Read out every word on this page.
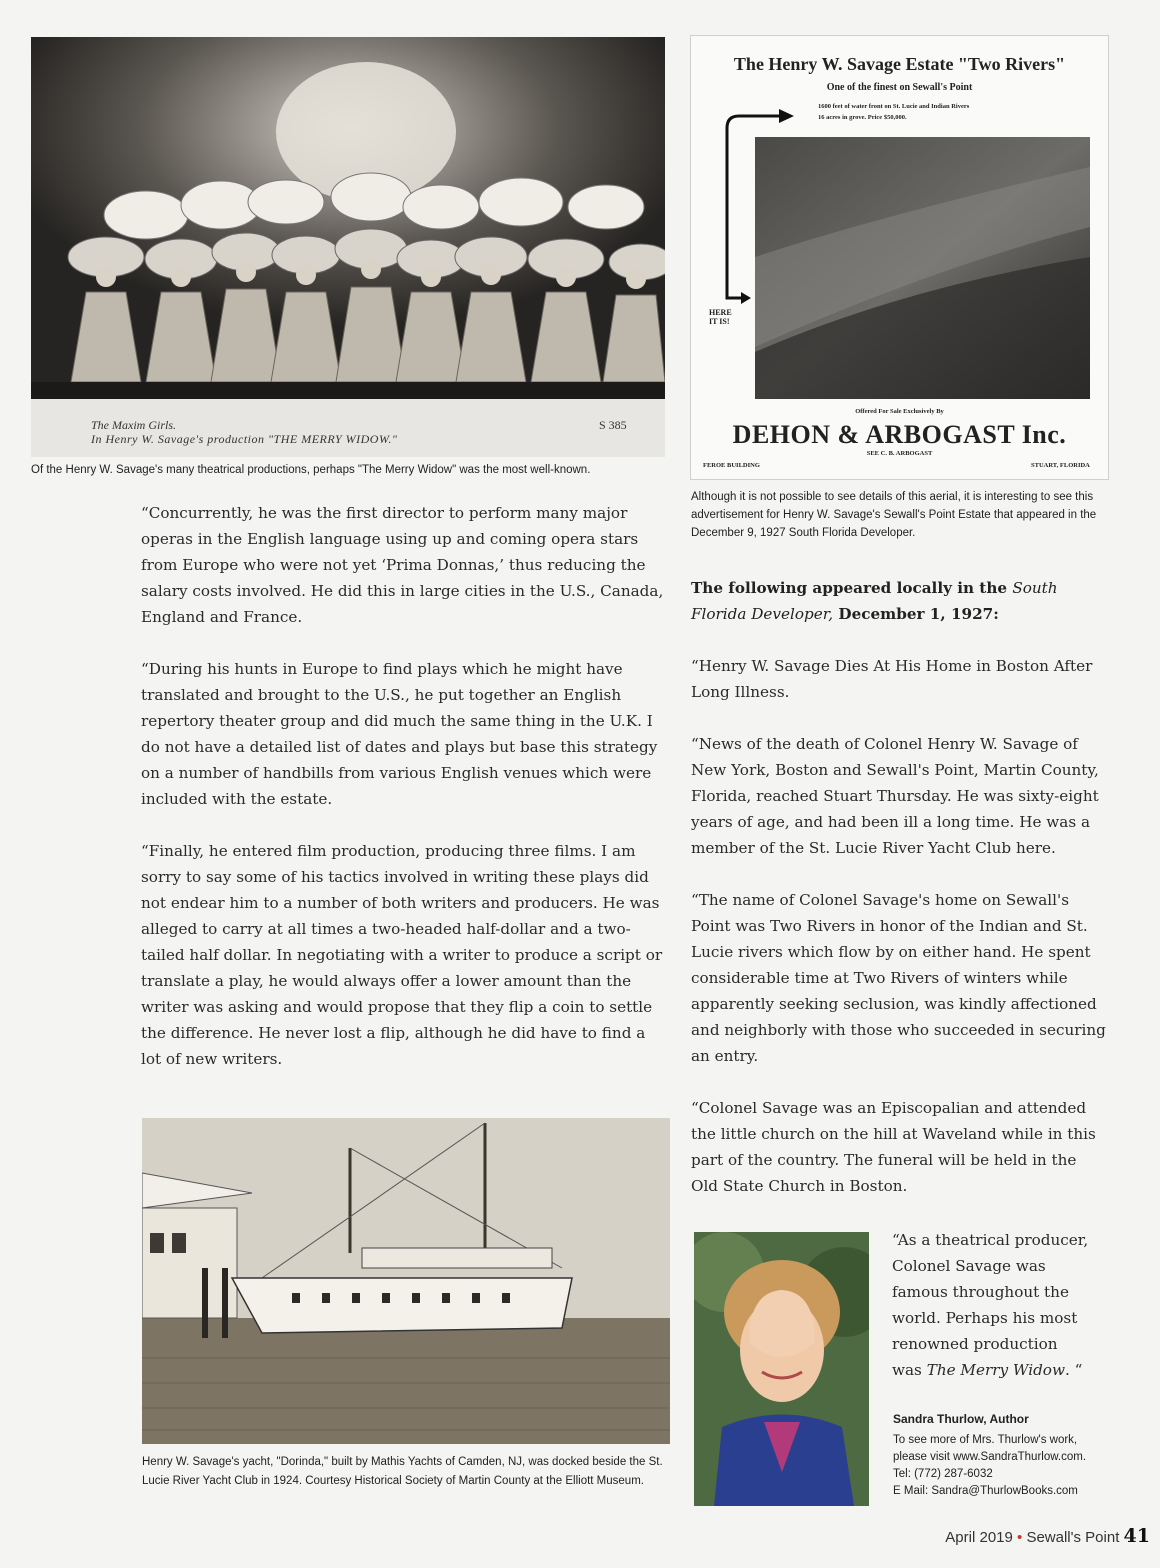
The Maxim Girls.
In Henry W. Savage's production "THE MERRY WIDOW."
S 385
Of the Henry W. Savage's many theatrical productions, perhaps "The Merry Widow" was the most well-known.
The Henry W. Savage Estate "Two Rivers"
One of the finest on Sewall's Point
1600 feet of water front on St. Lucie and Indian Rivers
16 acres in grove. Price $50,000.
HERE IT IS!
Offered For Sale Exclusively By
DEHON & ARBOGAST Inc.
SEE C. B. ARBOGAST
FEROE BUILDING	STUART, FLORIDA
Although it is not possible to see details of this aerial, it is interesting to see this advertisement for Henry W. Savage's Sewall's Point Estate that appeared in the December 9, 1927 South Florida Developer.

“Concurrently, he was the first director to perform many major operas in the English language using up and coming opera stars from Europe who were not yet ‘Prima Donnas,’ thus reducing the salary costs involved. He did this in large cities in the U.S., Canada, England and France.

“During his hunts in Europe to find plays which he might have translated and brought to the U.S., he put together an English repertory theater group and did much the same thing in the U.K. I do not have a detailed list of dates and plays but base this strategy on a number of handbills from various English venues which were included with the estate.

“Finally, he entered film production, producing three films. I am sorry to say some of his tactics involved in writing these plays did not endear him to a number of both writers and producers. He was alleged to carry at all times a two-headed half-dollar and a two-tailed half dollar. In negotiating with a writer to produce a script or translate a play, he would always offer a lower amount than the writer was asking and would propose that they flip a coin to settle the difference. He never lost a flip, although he did have to find a lot of new writers.

Henry W. Savage's yacht, "Dorinda," built by Mathis Yachts of Camden, NJ, was docked beside the St. Lucie River Yacht Club in 1924. Courtesy Historical Society of Martin County at the Elliott Museum.
The following appeared locally in the South Florida Developer, December 1, 1927:

“Henry W. Savage Dies At His Home in Boston After Long Illness.

“News of the death of Colonel Henry W. Savage of New York, Boston and Sewall's Point, Martin County, Florida, reached Stuart Thursday. He was sixty-eight years of age, and had been ill a long time. He was a member of the St. Lucie River Yacht Club here.

“The name of Colonel Savage's home on Sewall's Point was Two Rivers in honor of the Indian and St. Lucie rivers which flow by on either hand. He spent considerable time at Two Rivers of winters while apparently seeking seclusion, was kindly affectioned and neighborly with those who succeeded in securing an entry.

“Colonel Savage was an Episcopalian and attended the little church on the hill at Waveland while in this part of the country. The funeral will be held in the Old State Church in Boston.

“As a theatrical producer, Colonel Savage was famous throughout the world. Perhaps his most renowned production was The Merry Widow. “
Sandra Thurlow, Author
To see more of Mrs. Thurlow's work, please visit www.SandraThurlow.com. Tel: (772) 287-6032
E Mail: Sandra@ThurlowBooks.com
April 2019 • Sewall's Point 41
